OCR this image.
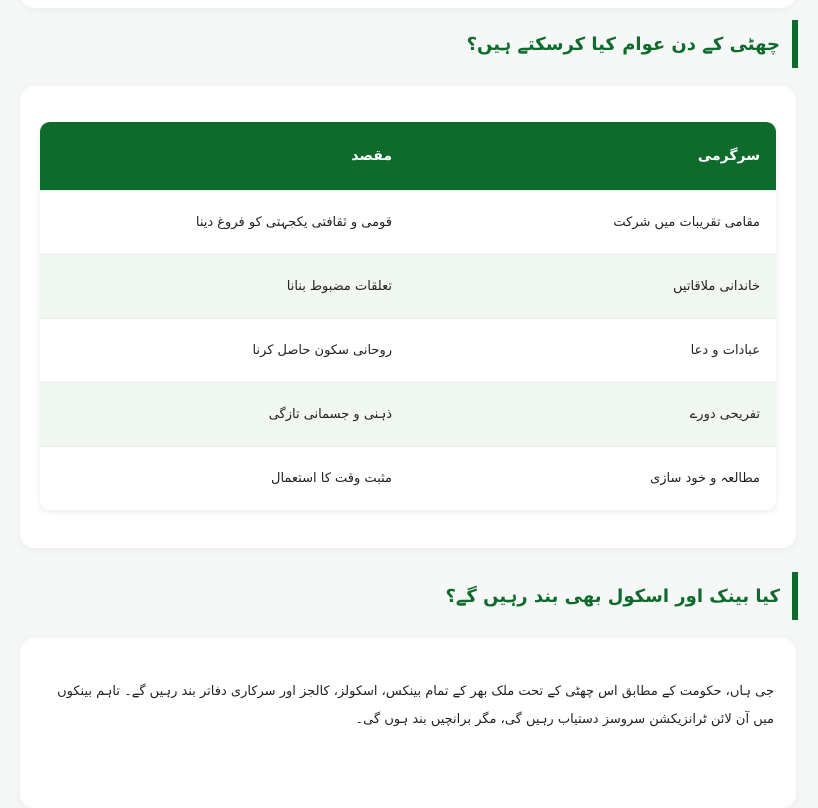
چھٹی کے دن عوام کیا کرسکتے ہیں؟
سرگرمی	مقصد
مقامی تقریبات میں شرکت	قومی و ثقافتی یکجہتی کو فروغ دینا
خاندانی ملاقاتیں	تعلقات مضبوط بنانا
عبادات و دعا	روحانی سکون حاصل کرنا
تفریحی دورے	ذہنی و جسمانی تازگی
مطالعہ و خود سازی	مثبت وقت کا استعمال
کیا بینک اور اسکول بھی بند رہیں گے؟

جی ہاں، حکومت کے مطابق اس چھٹی کے تحت ملک بھر کے تمام بینکس، اسکولز، کالجز اور سرکاری دفاتر بند رہیں گے۔ تاہم بینکوں میں آن لائن ٹرانزیکشن سروسز دستیاب رہیں گی، مگر برانچیں بند ہوں گی۔
